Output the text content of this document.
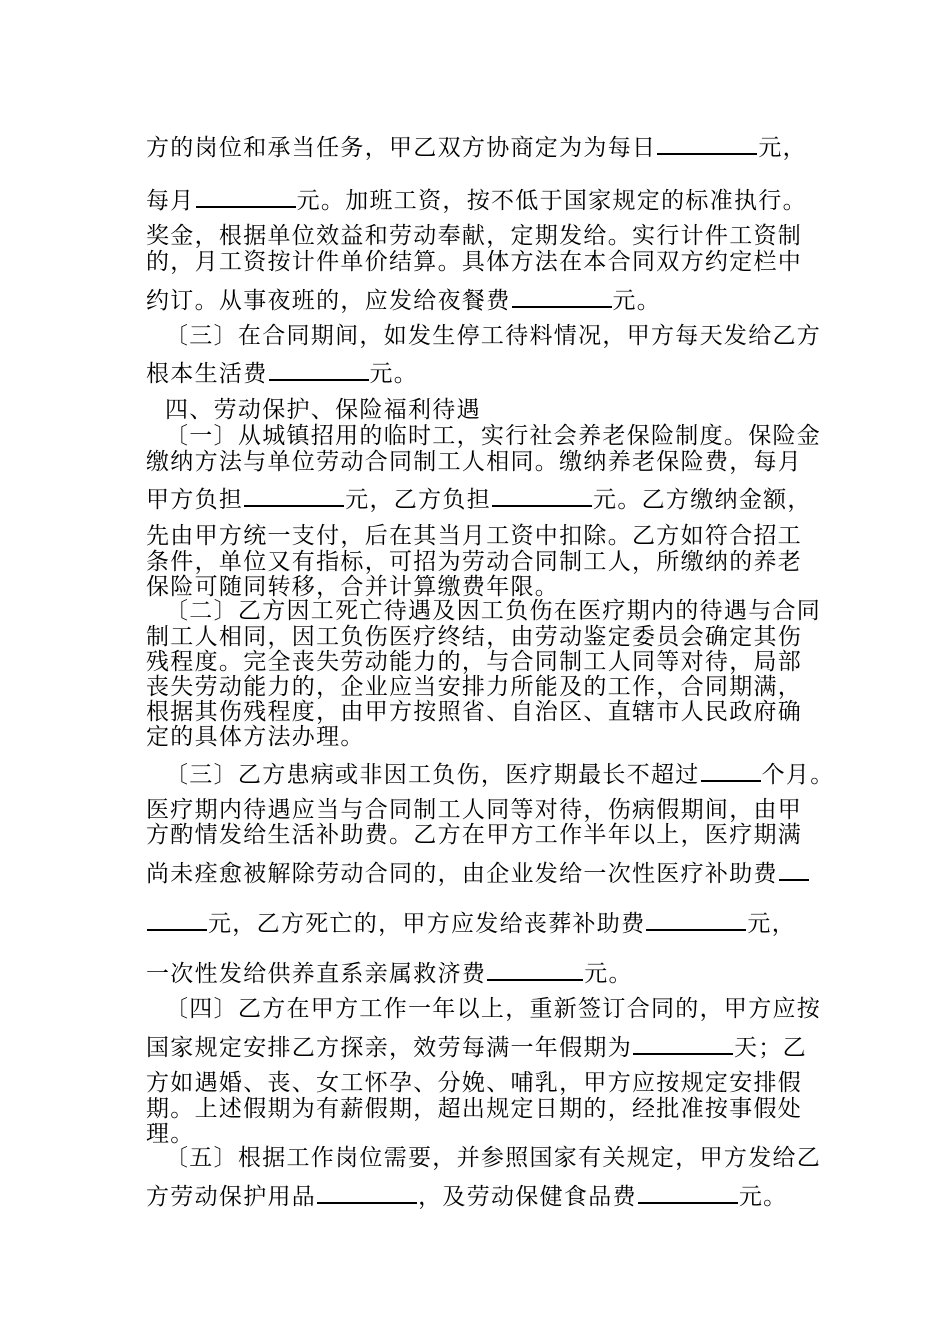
方的岗位和承当任务，甲乙双方协商定为为每日	元，
每月	元。加班工资，按不低于国家规定的标准执行。
奖金，根据单位效益和劳动奉献，定期发给。实行计件工资制
的，月工资按计件单价结算。具体方法在本合同双方约定栏中
约订。从事夜班的，应发给夜餐费	元。
〔三〕在合同期间，如发生停工待料情况，甲方每天发给乙方
根本生活费	元。
四、劳动保护、保险福利待遇
〔一〕从城镇招用的临时工，实行社会养老保险制度。保险金
缴纳方法与单位劳动合同制工人相同。缴纳养老保险费，每月
甲方负担	元，乙方负担	元。乙方缴纳金额，
先由甲方统一支付，后在其当月工资中扣除。乙方如符合招工
条件，单位又有指标，可招为劳动合同制工人，所缴纳的养老
保险可随同转移，合并计算缴费年限。
〔二〕乙方因工死亡待遇及因工负伤在医疗期内的待遇与合同
制工人相同，因工负伤医疗终结，由劳动鉴定委员会确定其伤
残程度。完全丧失劳动能力的，与合同制工人同等对待，局部
丧失劳动能力的，企业应当安排力所能及的工作，合同期满，
根据其伤残程度，由甲方按照省、自治区、直辖市人民政府确
定的具体方法办理。
〔三〕乙方患病或非因工负伤，医疗期最长不超过	个月。
医疗期内待遇应当与合同制工人同等对待，伤病假期间，由甲
方酌情发给生活补助费。乙方在甲方工作半年以上，医疗期满
尚未痊愈被解除劳动合同的，由企业发给一次性医疗补助费
元，乙方死亡的，甲方应发给丧葬补助费	元，
一次性发给供养直系亲属救济费	元。
〔四〕乙方在甲方工作一年以上，重新签订合同的，甲方应按
国家规定安排乙方探亲，效劳每满一年假期为	天；乙
方如遇婚、丧、女工怀孕、分娩、哺乳，甲方应按规定安排假
期。上述假期为有薪假期，超出规定日期的，经批准按事假处
理。
〔五〕根据工作岗位需要，并参照国家有关规定，甲方发给乙
方劳动保护用品	，及劳动保健食品费	元。
